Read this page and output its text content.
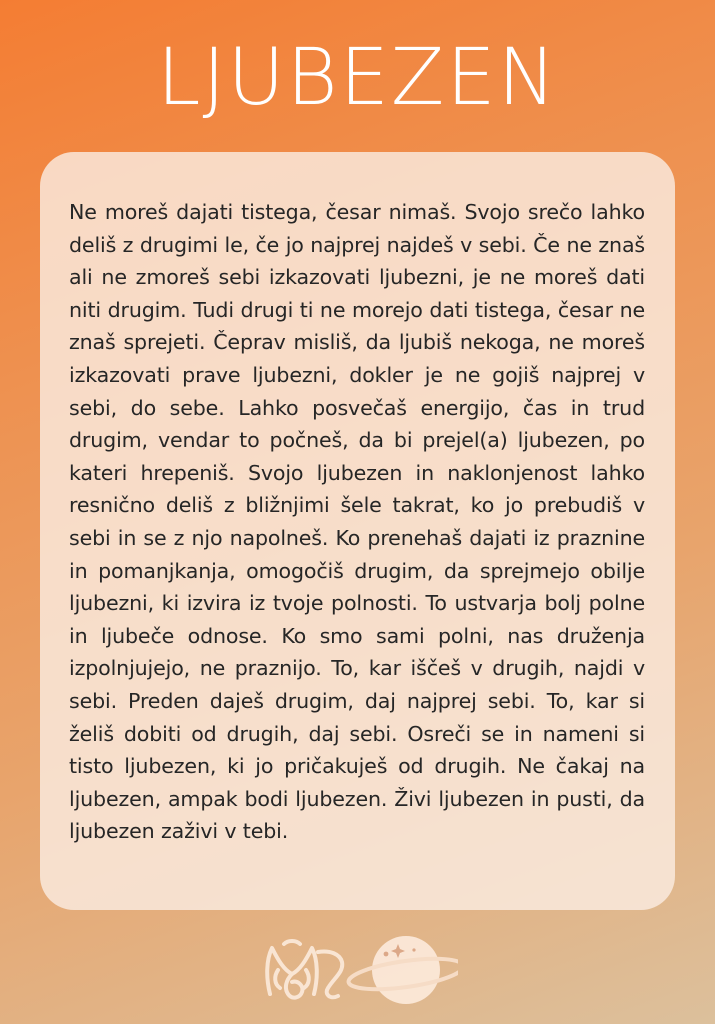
LJUBEZEN

Ne moreš dajati tistega, česar nimaš. Svojo srečo lahko deliš z drugimi le, če jo najprej najdeš v sebi. Če ne znaš ali ne zmoreš sebi izkazovati ljubezni, je ne moreš dati niti drugim. Tudi drugi ti ne morejo dati tistega, česar ne znaš sprejeti. Čeprav misliš, da ljubiš nekoga, ne moreš izkazovati prave ljubezni, dokler je ne gojiš najprej v sebi, do sebe. Lahko posvečaš energijo, čas in trud drugim, vendar to počneš, da bi prejel(a) ljubezen, po kateri hrepeniš. Svojo ljubezen in naklonjenost lahko resnično deliš z bližnjimi šele takrat, ko jo prebudiš v sebi in se z njo napolneš. Ko prenehaš dajati iz praznine in pomanjkanja, omogočiš drugim, da sprejmejo obilje ljubezni, ki izvira iz tvoje polnosti. To ustvarja bolj polne in ljubeče odnose. Ko smo sami polni, nas druženja izpolnjujejo, ne praznijo. To, kar iščeš v drugih, najdi v sebi. Preden daješ drugim, daj najprej sebi. To, kar si želiš dobiti od drugih, daj sebi. Osreči se in nameni si tisto ljubezen, ki jo pričakuješ od drugih. Ne čakaj na ljubezen, ampak bodi ljubezen. Živi ljubezen in pusti, da ljubezen zaživi v tebi.
